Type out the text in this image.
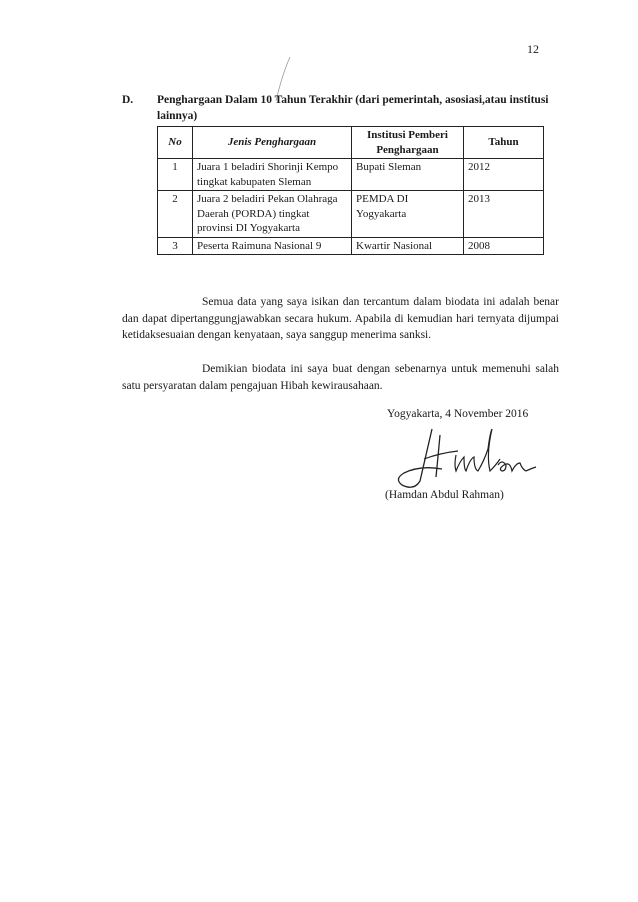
12
D. Penghargaan Dalam 10 Tahun Terakhir (dari pemerintah, asosiasi,atau institusi lainnya)
No	Jenis Penghargaan	Institusi Pemberi Penghargaan	Tahun
1	Juara 1 beladiri Shorinji Kempo tingkat kabupaten Sleman	Bupati Sleman	2012
2	Juara 2 beladiri Pekan Olahraga Daerah (PORDA) tingkat provinsi DI Yogyakarta	PEMDA DI Yogyakarta	2013
3	Peserta Raimuna Nasional 9	Kwartir Nasional	2008
Semua data yang saya isikan dan tercantum dalam biodata ini adalah benar dan dapat dipertanggungjawabkan secara hukum. Apabila di kemudian hari ternyata dijumpai ketidaksesuaian dengan kenyataan, saya sanggup menerima sanksi.
Demikian biodata ini saya buat dengan sebenarnya untuk memenuhi salah satu persyaratan dalam pengajuan Hibah kewirausahaan.
Yogyakarta, 4 November 2016
(Hamdan Abdul Rahman)
